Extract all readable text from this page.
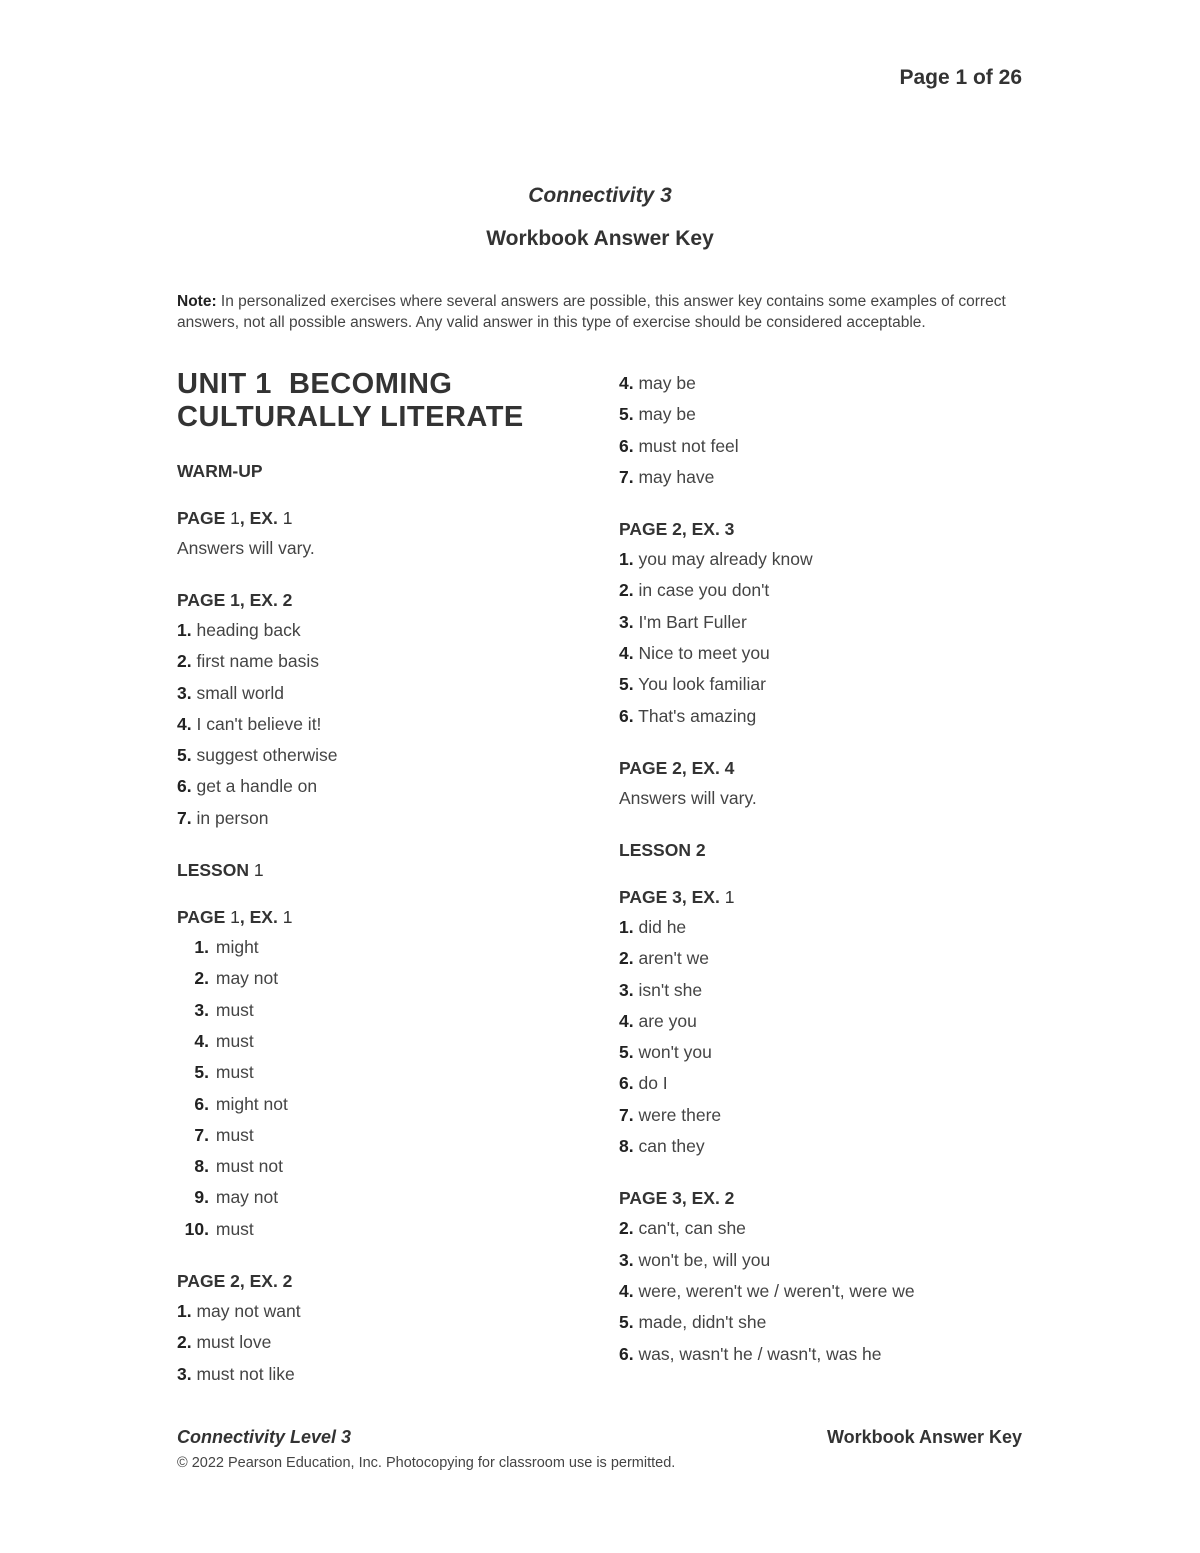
Page 1 of 26
Connectivity 3
Workbook Answer Key
Note: In personalized exercises where several answers are possible, this answer key contains some examples of correct answers, not all possible answers. Any valid answer in this type of exercise should be considered acceptable.
UNIT 1  BECOMING
CULTURALLY LITERATE
WARM-UP
PAGE 1, EX. 1
Answers will vary.
PAGE 1, EX. 2
1. heading back
2. first name basis
3. small world
4. I can't believe it!
5. suggest otherwise
6. get a handle on
7. in person
LESSON 1
PAGE 1, EX. 1
1. might
2. may not
3. must
4. must
5. must
6. might not
7. must
8. must not
9. may not
10. must
PAGE 2, EX. 2
1. may not want
2. must love
3. must not like
4. may be
5. may be
6. must not feel
7. may have
PAGE 2, EX. 3
1. you may already know
2. in case you don't
3. I'm Bart Fuller
4. Nice to meet you
5. You look familiar
6. That's amazing
PAGE 2, EX. 4
Answers will vary.
LESSON 2
PAGE 3, EX. 1
1. did he
2. aren't we
3. isn't she
4. are you
5. won't you
6. do I
7. were there
8. can they
PAGE 3, EX. 2
2. can't, can she
3. won't be, will you
4. were, weren't we / weren't, were we
5. made, didn't she
6. was, wasn't he / wasn't, was he
Connectivity Level 3	Workbook Answer Key
© 2022 Pearson Education, Inc. Photocopying for classroom use is permitted.
